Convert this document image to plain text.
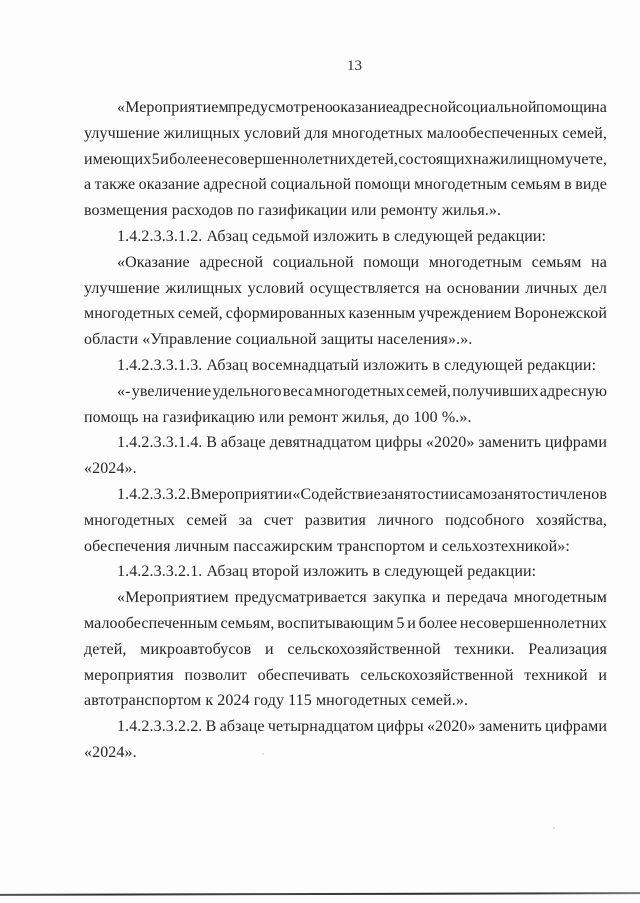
13
«Мероприятием предусмотрено оказание адресной социальной помощи на
улучшение жилищных условий для многодетных малообеспеченных семей,
имеющих 5 и более несовершеннолетних детей, состоящих на жилищном учете,
а также оказание адресной социальной помощи многодетным семьям в виде
возмещения расходов по газификации или ремонту жилья.».
1.4.2.3.3.1.2. Абзац седьмой изложить в следующей редакции:
«Оказание адресной социальной помощи многодетным семьям на
улучшение жилищных условий осуществляется на основании личных дел
многодетных семей, сформированных казенным учреждением Воронежской
области «Управление социальной защиты населения».».
1.4.2.3.3.1.3. Абзац восемнадцатый изложить в следующей редакции:
«- увеличение удельного веса многодетных семей, получивших адресную
помощь на газификацию или ремонт жилья, до 100 %.».
1.4.2.3.3.1.4. В абзаце девятнадцатом цифры «2020» заменить цифрами
«2024».
1.4.2.3.3.2. В мероприятии «Содействие занятости и самозанятости членов
многодетных семей за счет развития личного подсобного хозяйства,
обеспечения личным пассажирским транспортом и сельхозтехникой»:
1.4.2.3.3.2.1. Абзац второй изложить в следующей редакции:
«Мероприятием предусматривается закупка и передача многодетным
малообеспеченным семьям, воспитывающим 5 и более несовершеннолетних
детей, микроавтобусов и сельскохозяйственной техники. Реализация
мероприятия позволит обеспечивать сельскохозяйственной техникой и
автотранспортом к 2024 году 115 многодетных семей.».
1.4.2.3.3.2.2. В абзаце четырнадцатом цифры «2020» заменить цифрами
«2024».
